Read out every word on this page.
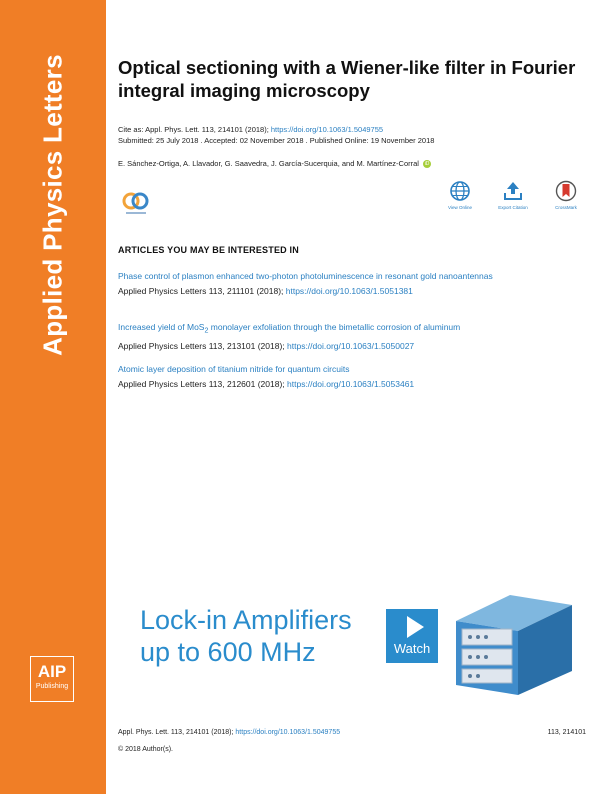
Applied Physics Letters
AIP
Publishing
Optical sectioning with a Wiener-like filter in Fourier integral imaging microscopy
Cite as: Appl. Phys. Lett. 113, 214101 (2018); https://doi.org/10.1063/1.5049755
Submitted: 25 July 2018 . Accepted: 02 November 2018 . Published Online: 19 November 2018
E. Sánchez-Ortiga, A. Llavador, G. Saavedra, J. García-Sucerquia, and M. Martínez-Corral iD
View Online	Export Citation	CrossMark
ARTICLES YOU MAY BE INTERESTED IN
Phase control of plasmon enhanced two-photon photoluminescence in resonant gold nanoantennas
Applied Physics Letters 113, 211101 (2018); https://doi.org/10.1063/1.5051381
Increased yield of MoS$_2$ monolayer exfoliation through the bimetallic corrosion of aluminum
Applied Physics Letters 113, 213101 (2018); https://doi.org/10.1063/1.5050027
Atomic layer deposition of titanium nitride for quantum circuits
Applied Physics Letters 113, 212601 (2018); https://doi.org/10.1063/1.5053461
Lock-in Amplifiers
up to 600 MHz	Watch
Appl. Phys. Lett. 113, 214101 (2018); https://doi.org/10.1063/1.5049755	113, 214101
© 2018 Author(s).
